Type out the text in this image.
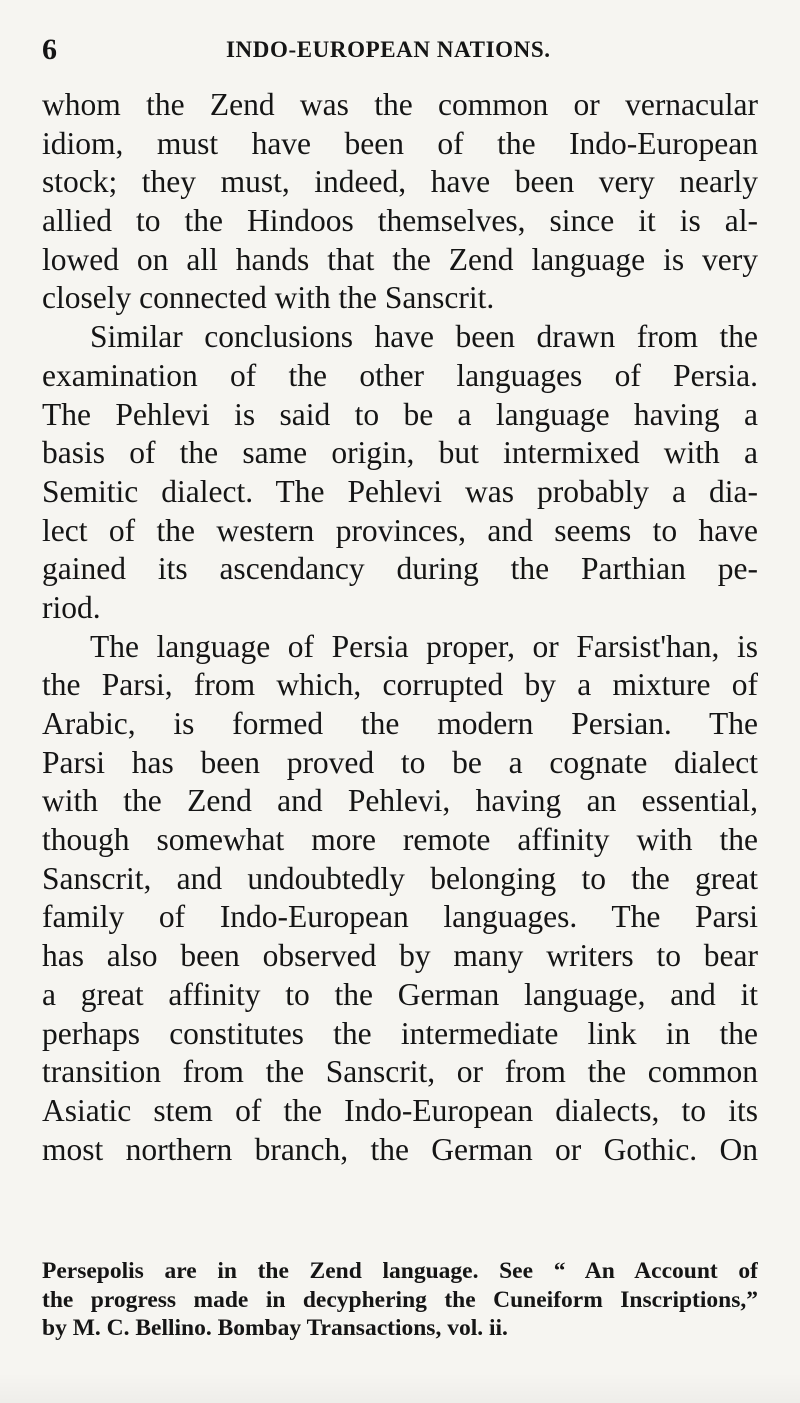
6	INDO-EUROPEAN NATIONS.
whom the Zend was the common or vernacular
idiom, must have been of the Indo-European
stock; they must, indeed, have been very nearly
allied to the Hindoos themselves, since it is al-
lowed on all hands that the Zend language is very
closely connected with the Sanscrit.
Similar conclusions have been drawn from the
examination of the other languages of Persia.
The Pehlevi is said to be a language having a
basis of the same origin, but intermixed with a
Semitic dialect. The Pehlevi was probably a dia-
lect of the western provinces, and seems to have
gained its ascendancy during the Parthian pe-
riod.
The language of Persia proper, or Farsist'han, is
the Parsi, from which, corrupted by a mixture of
Arabic, is formed the modern Persian. The
Parsi has been proved to be a cognate dialect
with the Zend and Pehlevi, having an essential,
though somewhat more remote affinity with the
Sanscrit, and undoubtedly belonging to the great
family of Indo-European languages. The Parsi
has also been observed by many writers to bear
a great affinity to the German language, and it
perhaps constitutes the intermediate link in the
transition from the Sanscrit, or from the common
Asiatic stem of the Indo-European dialects, to its
most northern branch, the German or Gothic. On
Persepolis are in the Zend language. See “ An Account of
the progress made in decyphering the Cuneiform Inscriptions,”
by M. C. Bellino. Bombay Transactions, vol. ii.
